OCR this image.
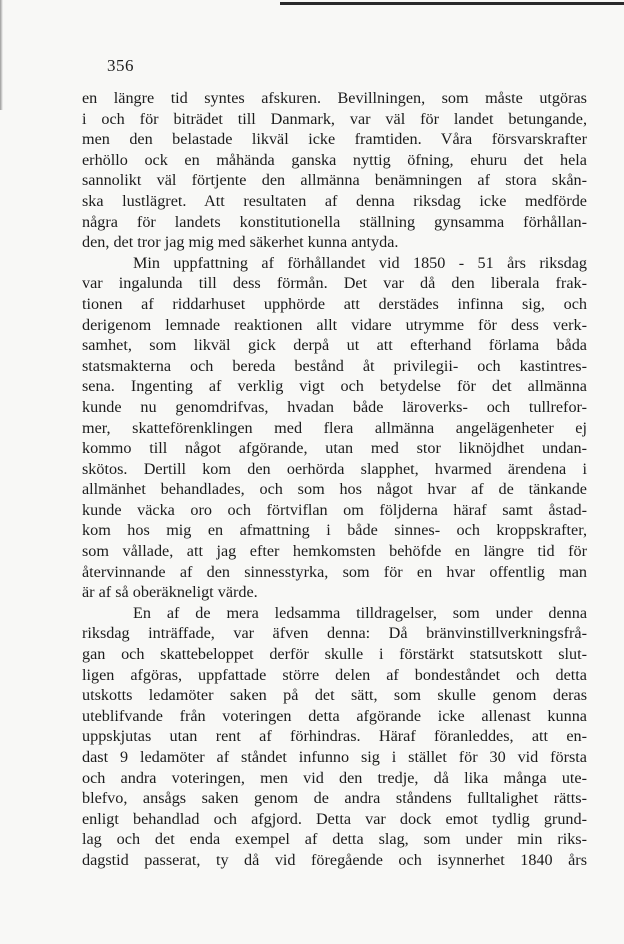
356
en längre tid syntes afskuren. Bevillningen, som måste utgöras
i och för biträdet till Danmark, var väl för landet betungande,
men den belastade likväl icke framtiden. Våra försvarskrafter
erhöllo ock en måhända ganska nyttig öfning, ehuru det hela
sannolikt väl förtjente den allmänna benämningen af stora skån-
ska lustlägret. Att resultaten af denna riksdag icke medförde
några för landets konstitutionella ställning gynsamma förhållan-
den, det tror jag mig med säkerhet kunna antyda.
Min uppfattning af förhållandet vid 1850 - 51 års riksdag
var ingalunda till dess förmån. Det var då den liberala frak-
tionen af riddarhuset upphörde att derstädes infinna sig, och
derigenom lemnade reaktionen allt vidare utrymme för dess verk-
samhet, som likväl gick derpå ut att efterhand förlama båda
statsmakterna och bereda bestånd åt privilegii- och kastintres-
sena. Ingenting af verklig vigt och betydelse för det allmänna
kunde nu genomdrifvas, hvadan både läroverks- och tullrefor-
mer, skatteförenklingen med flera allmänna angelägenheter ej
kommo till något afgörande, utan med stor liknöjdhet undan-
skötos. Dertill kom den oerhörda slapphet, hvarmed ärendena i
allmänhet behandlades, och som hos något hvar af de tänkande
kunde väcka oro och förtviflan om följderna häraf samt åstad-
kom hos mig en afmattning i både sinnes- och kroppskrafter,
som vållade, att jag efter hemkomsten behöfde en längre tid för
återvinnande af den sinnesstyrka, som för en hvar offentlig man
är af så oberäkneligt värde.
En af de mera ledsamma tilldragelser, som under denna
riksdag inträffade, var äfven denna: Då bränvinstillverkningsfrå-
gan och skattebeloppet derför skulle i förstärkt statsutskott slut-
ligen afgöras, uppfattade större delen af bondeståndet och detta
utskotts ledamöter saken på det sätt, som skulle genom deras
uteblifvande från voteringen detta afgörande icke allenast kunna
uppskjutas utan rent af förhindras. Häraf föranleddes, att en-
dast 9 ledamöter af ståndet infunno sig i stället för 30 vid första
och andra voteringen, men vid den tredje, då lika många ute-
blefvo, ansågs saken genom de andra ståndens fulltalighet rätts-
enligt behandlad och afgjord. Detta var dock emot tydlig grund-
lag och det enda exempel af detta slag, som under min riks-
dagstid passerat, ty då vid föregående och isynnerhet 1840 års
